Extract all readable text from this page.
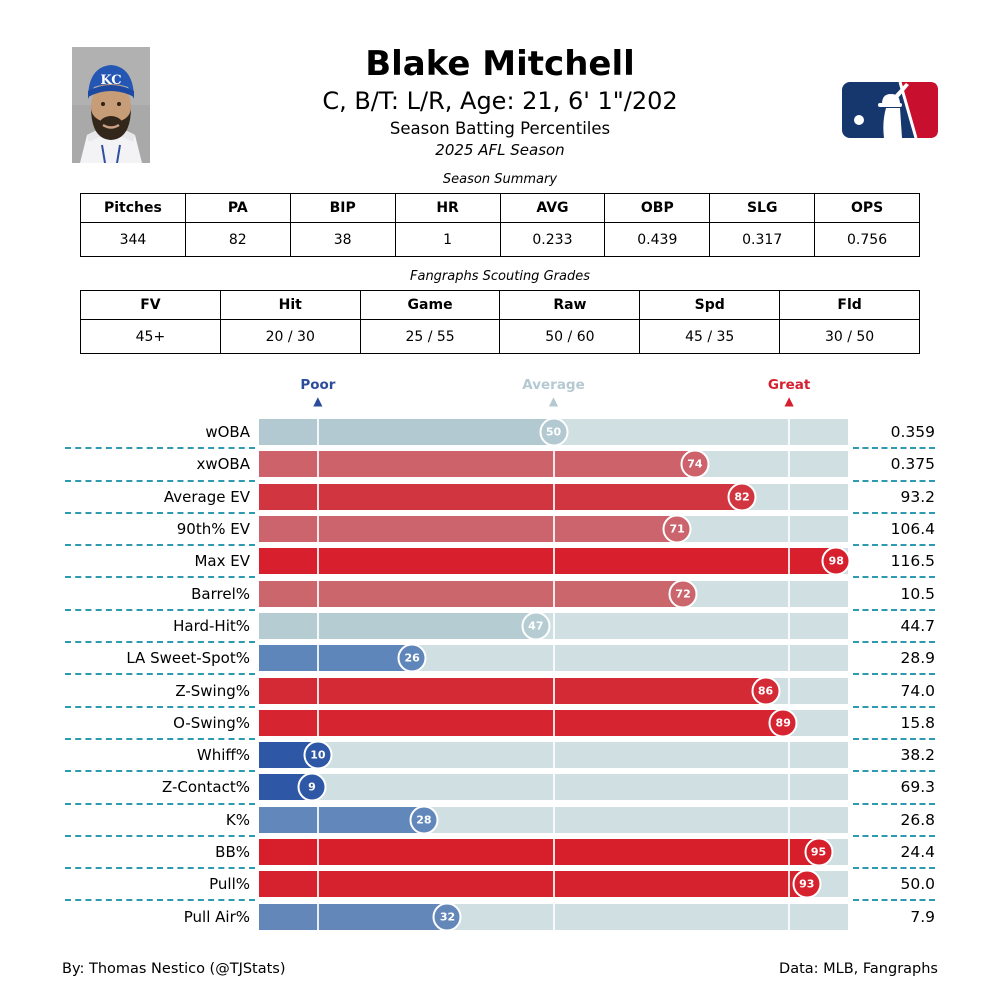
KC	Blake Mitchell
C, B/T: L/R, Age: 21, 6' 1"/202
Season Batting Percentiles
2025 AFL Season
Season Summary
Pitches	PA	BIP	HR	AVG	OBP	SLG	OPS
344	82	38	1	0.233	0.439	0.317	0.756
Fangraphs Scouting Grades
FV	Hit	Game	Raw	Spd	Fld
45+	20 / 30	25 / 55	50 / 60	45 / 35	30 / 50
Poor
▲
Average
▲
Great
▲
wOBA	50	0.359
xwOBA	74	0.375
Average EV	82	93.2
90th% EV	71	106.4
Max EV	98	116.5
Barrel%	72	10.5
Hard-Hit%	47	44.7
LA Sweet-Spot%	26	28.9
Z-Swing%	86	74.0
O-Swing%	89	15.8
Whiff%	10	38.2
Z-Contact%	9	69.3
K%	28	26.8
BB%	95	24.4
Pull%	93	50.0
Pull Air%	32	7.9
By: Thomas Nestico (@TJStats)	Data: MLB, Fangraphs
